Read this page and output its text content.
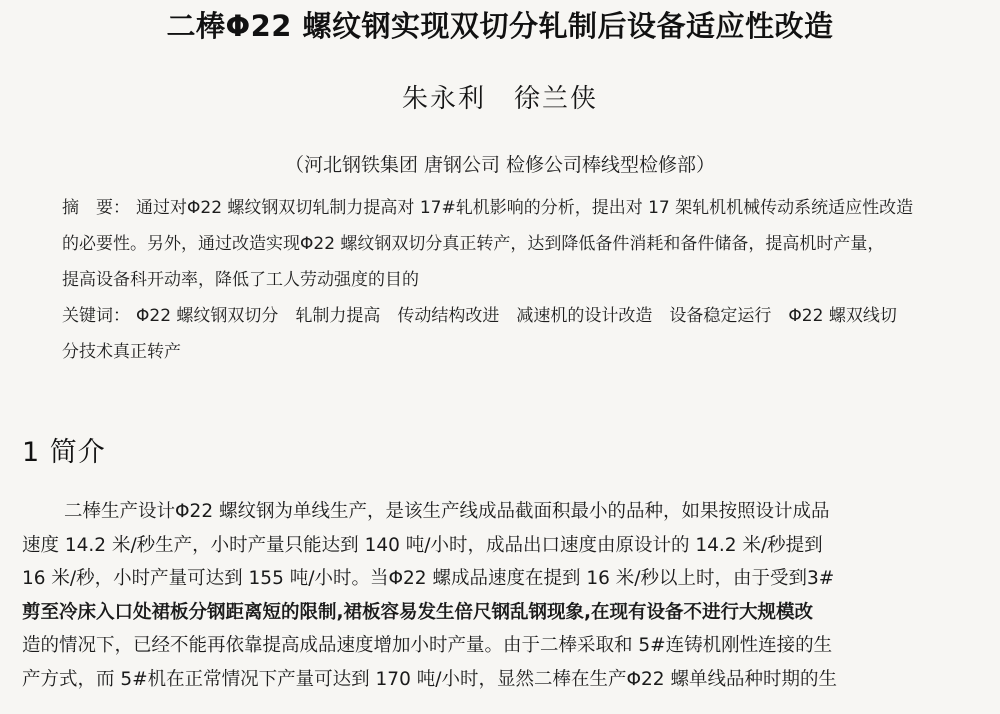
二棒Φ22 螺纹钢实现双切分轧制后设备适应性改造
朱永利　徐兰侠
（河北钢铁集团 唐钢公司 检修公司棒线型检修部）
摘　要： 通过对Φ22 螺纹钢双切轧制力提高对 17#轧机影响的分析，提出对 17 架轧机机械传动系统适应性改造
的必要性。另外，通过改造实现Φ22 螺纹钢双切分真正转产，达到降低备件消耗和备件储备，提高机时产量，
提高设备科开动率，降低了工人劳动强度的目的
关键词： Φ22 螺纹钢双切分　轧制力提高　传动结构改进　减速机的设计改造　设备稳定运行　Φ22 螺双线切
分技术真正转产
1 简介
二棒生产设计Φ22 螺纹钢为单线生产，是该生产线成品截面积最小的品种，如果按照设计成品
速度 14.2 米/秒生产，小时产量只能达到 140 吨/小时，成品出口速度由原设计的 14.2 米/秒提到
16 米/秒，小时产量可达到 155 吨/小时。当Φ22 螺成品速度在提到 16 米/秒以上时，由于受到3#
剪至冷床入口处裙板分钢距离短的限制,裙板容易发生倍尺钢乱钢现象,在现有设备不进行大规模改
造的情况下，已经不能再依靠提高成品速度增加小时产量。由于二棒采取和 5#连铸机刚性连接的生
产方式，而 5#机在正常情况下产量可达到 170 吨/小时，显然二棒在生产Φ22 螺单线品种时期的生
